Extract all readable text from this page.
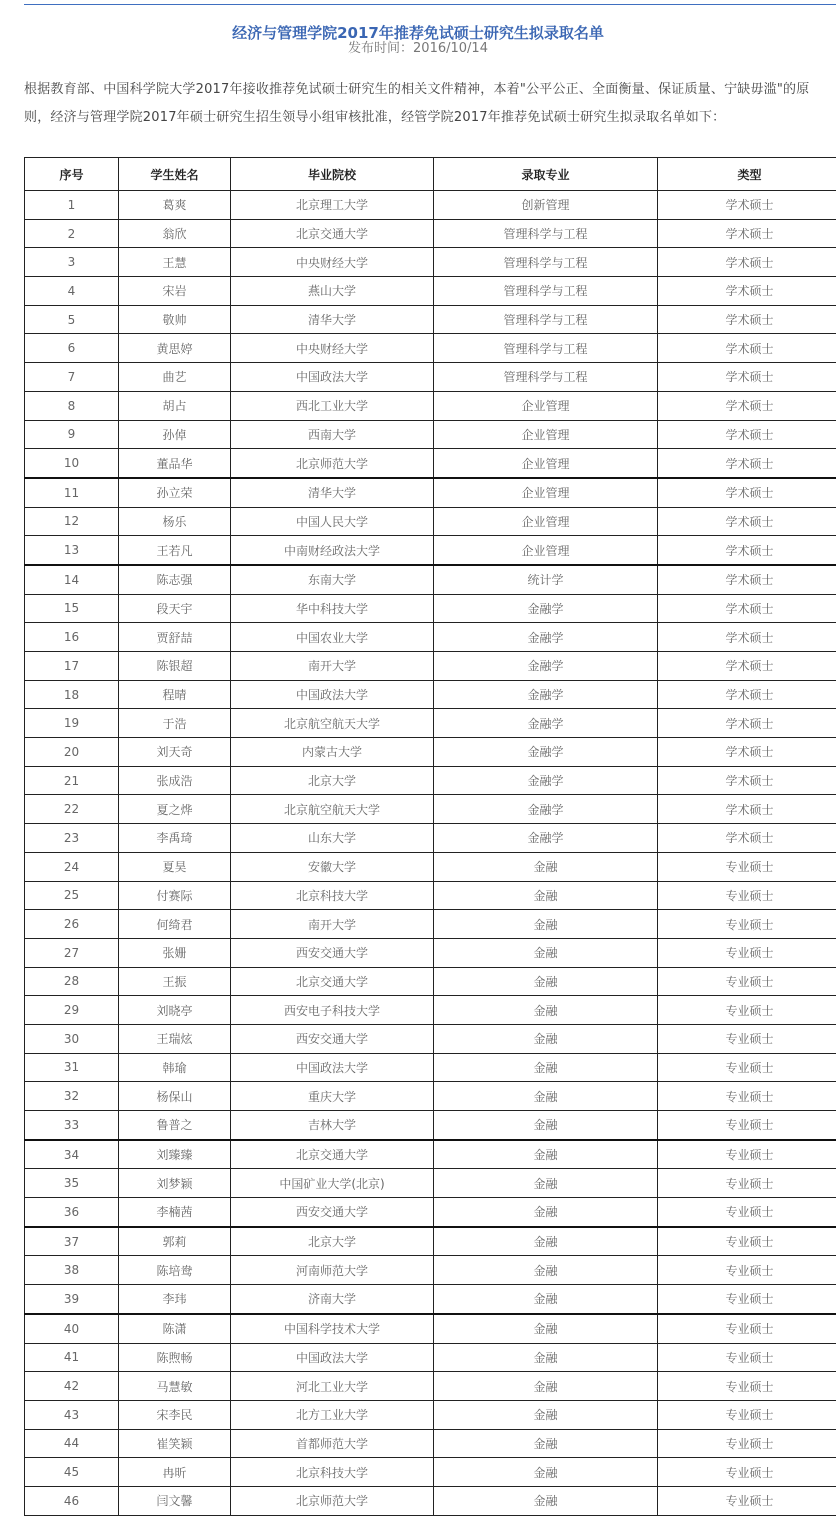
经济与管理学院2017年推荐免试硕士研究生拟录取名单
发布时间：2016/10/14

根据教育部、中国科学院大学2017年接收推荐免试硕士研究生的相关文件精神，本着"公平公正、全面衡量、保证质量、宁缺毋滥"的原则，经济与管理学院2017年硕士研究生招生领导小组审核批准，经管学院2017年推荐免试硕士研究生拟录取名单如下：

序号	学生姓名	毕业院校	录取专业	类型
1	葛爽	北京理工大学	创新管理	学术硕士
2	翁欣	北京交通大学	管理科学与工程	学术硕士
3	王慧	中央财经大学	管理科学与工程	学术硕士
4	宋岩	燕山大学	管理科学与工程	学术硕士
5	敬帅	清华大学	管理科学与工程	学术硕士
6	黄思婷	中央财经大学	管理科学与工程	学术硕士
7	曲艺	中国政法大学	管理科学与工程	学术硕士
8	胡占	西北工业大学	企业管理	学术硕士
9	孙倬	西南大学	企业管理	学术硕士
10	董品华	北京师范大学	企业管理	学术硕士
11	孙立荣	清华大学	企业管理	学术硕士
12	杨乐	中国人民大学	企业管理	学术硕士
13	王若凡	中南财经政法大学	企业管理	学术硕士
14	陈志强	东南大学	统计学	学术硕士
15	段天宇	华中科技大学	金融学	学术硕士
16	贾舒喆	中国农业大学	金融学	学术硕士
17	陈银超	南开大学	金融学	学术硕士
18	程晴	中国政法大学	金融学	学术硕士
19	于浩	北京航空航天大学	金融学	学术硕士
20	刘天奇	内蒙古大学	金融学	学术硕士
21	张成浩	北京大学	金融学	学术硕士
22	夏之烨	北京航空航天大学	金融学	学术硕士
23	李禹琦	山东大学	金融学	学术硕士
24	夏昊	安徽大学	金融	专业硕士
25	付赛际	北京科技大学	金融	专业硕士
26	何绮君	南开大学	金融	专业硕士
27	张姗	西安交通大学	金融	专业硕士
28	王振	北京交通大学	金融	专业硕士
29	刘晓亭	西安电子科技大学	金融	专业硕士
30	王瑞炫	西安交通大学	金融	专业硕士
31	韩瑜	中国政法大学	金融	专业硕士
32	杨保山	重庆大学	金融	专业硕士
33	鲁普之	吉林大学	金融	专业硕士
34	刘臻臻	北京交通大学	金融	专业硕士
35	刘梦颖	中国矿业大学(北京)	金融	专业硕士
36	李楠茜	西安交通大学	金融	专业硕士
37	郭莉	北京大学	金融	专业硕士
38	陈培鸯	河南师范大学	金融	专业硕士
39	李玮	济南大学	金融	专业硕士
40	陈潇	中国科学技术大学	金融	专业硕士
41	陈煦畅	中国政法大学	金融	专业硕士
42	马慧敏	河北工业大学	金融	专业硕士
43	宋李民	北方工业大学	金融	专业硕士
44	崔笑颖	首都师范大学	金融	专业硕士
45	冉昕	北京科技大学	金融	专业硕士
46	闫文馨	北京师范大学	金融	专业硕士
